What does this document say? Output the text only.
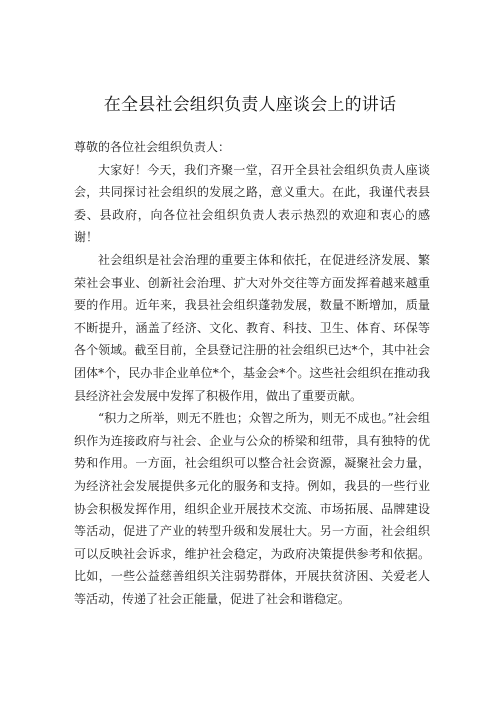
在全县社会组织负责人座谈会上的讲话

尊敬的各位社会组织负责人：

大家好！今天，我们齐聚一堂，召开全县社会组织负责人座谈会，共同探讨社会组织的发展之路，意义重大。在此，我谨代表县委、县政府，向各位社会组织负责人表示热烈的欢迎和衷心的感谢！

社会组织是社会治理的重要主体和依托，在促进经济发展、繁荣社会事业、创新社会治理、扩大对外交往等方面发挥着越来越重要的作用。近年来，我县社会组织蓬勃发展，数量不断增加，质量不断提升，涵盖了经济、文化、教育、科技、卫生、体育、环保等各个领域。截至目前，全县登记注册的社会组织已达*个，其中社会团体*个，民办非企业单位*个，基金会*个。这些社会组织在推动我县经济社会发展中发挥了积极作用，做出了重要贡献。

“积力之所举，则无不胜也；众智之所为，则无不成也。”社会组织作为连接政府与社会、企业与公众的桥梁和纽带，具有独特的优势和作用。一方面，社会组织可以整合社会资源，凝聚社会力量，为经济社会发展提供多元化的服务和支持。例如，我县的一些行业协会积极发挥作用，组织企业开展技术交流、市场拓展、品牌建设等活动，促进了产业的转型升级和发展壮大。另一方面，社会组织可以反映社会诉求，维护社会稳定，为政府决策提供参考和依据。比如，一些公益慈善组织关注弱势群体，开展扶贫济困、关爱老人等活动，传递了社会正能量，促进了社会和谐稳定。
